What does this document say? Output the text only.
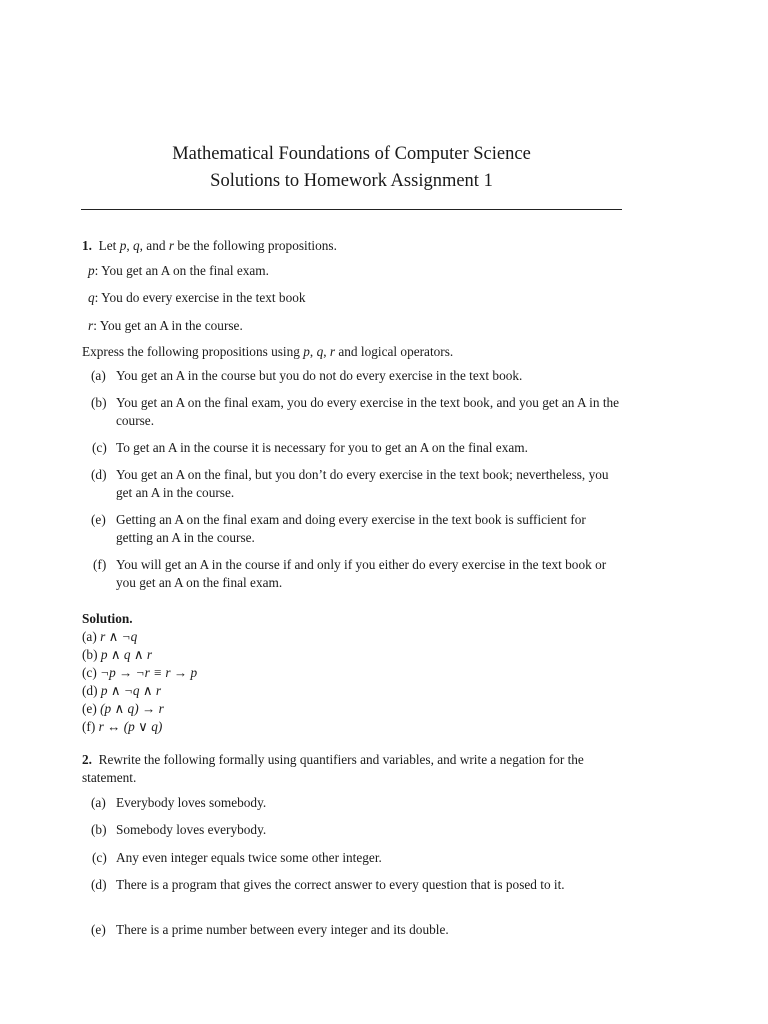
Mathematical Foundations of Computer Science
Solutions to Homework Assignment 1
1. Let p, q, and r be the following propositions.
p: You get an A on the final exam.
q: You do every exercise in the text book
r: You get an A in the course.
Express the following propositions using p, q, r and logical operators.
(a) You get an A in the course but you do not do every exercise in the text book.
(b) You get an A on the final exam, you do every exercise in the text book, and you get an A in the course.
(c) To get an A in the course it is necessary for you to get an A on the final exam.
(d) You get an A on the final, but you don’t do every exercise in the text book; nevertheless, you get an A in the course.
(e) Getting an A on the final exam and doing every exercise in the text book is sufficient for getting an A in the course.
(f) You will get an A in the course if and only if you either do every exercise in the text book or you get an A on the final exam.
Solution.
(a) r ∧ ¬q
(b) p ∧ q ∧ r
(c) ¬p → ¬r ≡ r → p
(d) p ∧ ¬q ∧ r
(e) (p ∧ q) → r
(f) r ↔ (p ∨ q)
2. Rewrite the following formally using quantifiers and variables, and write a negation for the statement.
(a) Everybody loves somebody.
(b) Somebody loves everybody.
(c) Any even integer equals twice some other integer.
(d) There is a program that gives the correct answer to every question that is posed to it.
(e) There is a prime number between every integer and its double.
